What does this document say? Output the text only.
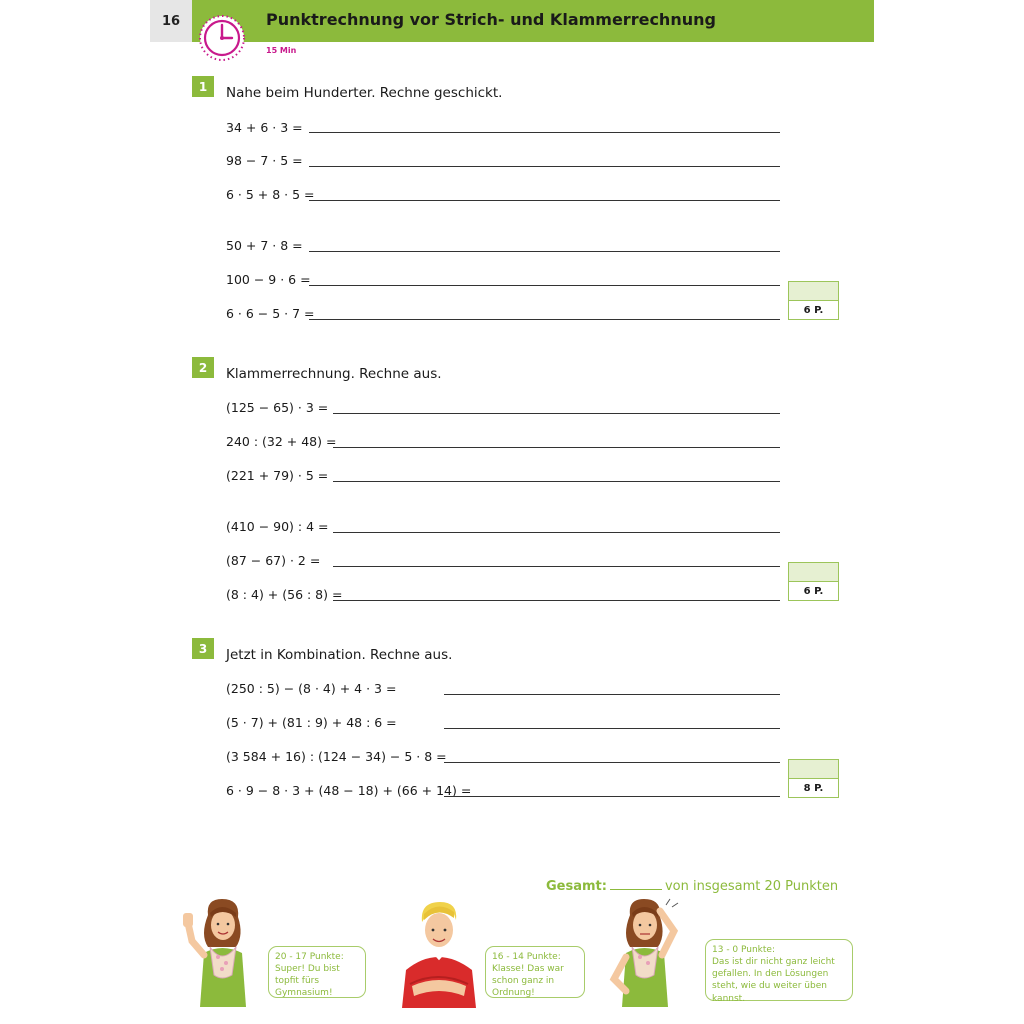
16	Punktrechnung vor Strich- und Klammerrechnung
15 Min
1	Nahe beim Hunderter. Rechne geschickt.
34 + 6 · 3 =
98 − 7 · 5 =
6 · 5 + 8 · 5 =
50 + 7 · 8 =
100 − 9 · 6 =
6 · 6 − 5 · 7 =	6 P.
2	Klammerrechnung. Rechne aus.
(125 − 65) · 3 =
240 : (32 + 48) =
(221 + 79) · 5 =
(410 − 90) : 4 =
(87 − 67) · 2 =
(8 : 4) + (56 : 8) =	6 P.
3	Jetzt in Kombination. Rechne aus.
(250 : 5) − (8 · 4) + 4 · 3 =
(5 · 7) + (81 : 9) + 48 : 6 =
(3 584 + 16) : (124 − 34) − 5 · 8 =
6 · 9 − 8 · 3 + (48 − 18) + (66 + 14) =	8 P.
Gesamt:	von insgesamt 20 Punkten
20 - 17 Punkte:
Super! Du bist topfit fürs Gymnasium!
16 - 14 Punkte:
Klasse! Das war schon ganz in Ordnung!
13 - 0 Punkte:
Das ist dir nicht ganz leicht gefallen. In den Lösungen steht, wie du weiter üben kannst.
